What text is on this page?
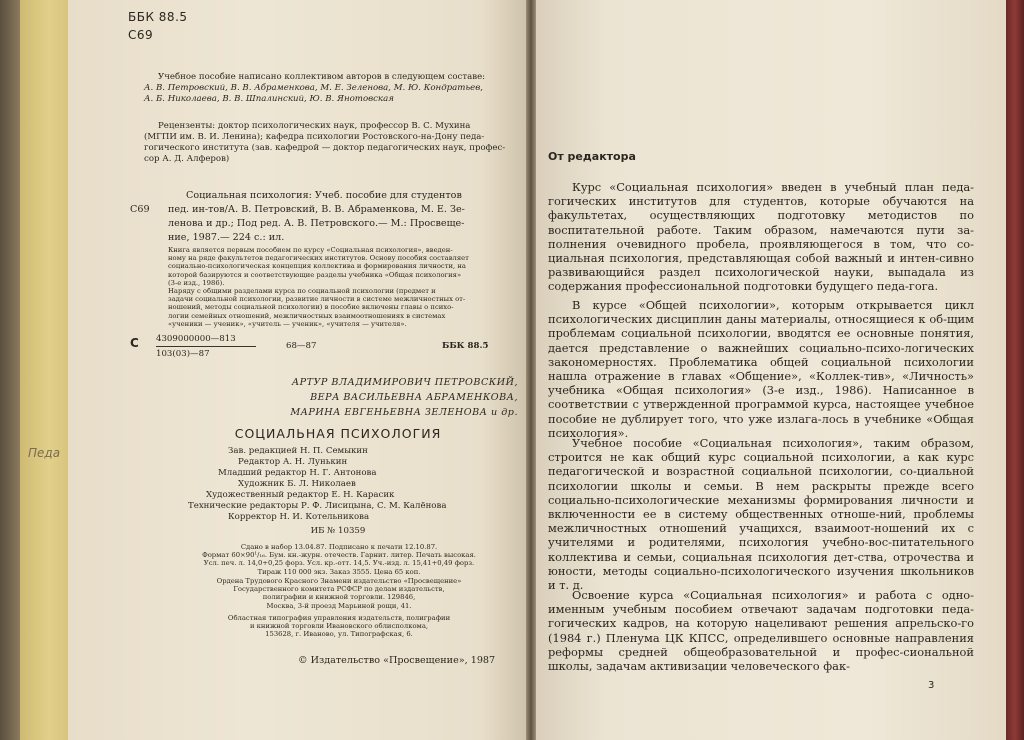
Педа

ББК 88.5

С69

Учебное пособие написано коллективом авторов в следующем составе:

А. В. Петровский, В. В. Абраменкова, М. Е. Зеленова, М. Ю. Кондратьев,

А. Б. Николаева, В. В. Шпалинский, Ю. В. Янотовская

Рецензенты: доктор психологических наук, профессор В. С. Мухина

(МГПИ им. В. И. Ленина); кафедра психологии Ростовского-на-Дону педа-

гогического института (зав. кафедрой — доктор педагогических наук, профес-

сор А. Д. Алферов)

С69

Социальная психология: Учеб. пособие для студентов

пед. ин-тов/А. В. Петровский, В. В. Абраменкова, М. Е. Зе-

ленова и др.; Под ред. А. В. Петровского.— М.: Просвеще-

ние, 1987.— 224 с.: ил.

Книга является первым пособием по курсу «Социальная психология», введен-

ному на ряде факультетов педагогических институтов. Основу пособия составляет

социально-психологическая концепция коллектива и формирования личности, на

которой базируются и соответствующие разделы учебника «Общая психология»

(3-е изд., 1986).

Наряду с общими разделами курса по социальной психологии (предмет и

задачи социальной психологии, развитие личности в системе межличностных от-

ношений, методы социальной психологии) в пособие включены главы о психо-

логии семейных отношений, межличностных взаимоотношениях в системах

«ученики — ученик», «учитель — ученик», «учителя — учителя».

С 4309000000—813

103(03)—87

68—87	ББК 88.5

АРТУР ВЛАДИМИРОВИЧ ПЕТРОВСКИЙ,

ВЕРА ВАСИЛЬЕВНА АБРАМЕНКОВА,

МАРИНА ЕВГЕНЬЕВНА ЗЕЛЕНОВА и др.

СОЦИАЛЬНАЯ ПСИХОЛОГИЯ

Зав. редакцией Н. П. Семыкин

Редактор А. Н. Лунькин

Младший редактор Н. Г. Антонова

Художник Б. Л. Николаев

Художественный редактор Е. Н. Карасик

Технические редакторы Р. Ф. Лисицына, С. М. Калёнова

Корректор Н. И. Котельникова

ИБ № 10359

Сдано в набор 13.04.87. Подписано к печати 12.10.87.

Формат 60×90¹/₁₆. Бум. кн.-журн. отечеств. Гарнит. литер. Печать высокая.

Усл. печ. л. 14,0+0,25 форз. Усл. кр.-отт. 14,5. Уч.-изд. л. 15,41+0,49 форз.

Тираж 110 000 экз. Заказ 3555. Цена 65 коп.

Ордена Трудового Красного Знамени издательство «Просвещение»

Государственного комитета РСФСР по делам издательств,

полиграфии и книжной торговли. 129846,

Москва, 3-й проезд Марьиной рощи, 41.

Областная типография управления издательств, полиграфии

и книжной торговли Ивановского облисполкома,

153628, г. Иваново, ул. Типографская, 6.

© Издательство «Просвещение», 1987

От редактора

Курс «Социальная психология» введен в учебный план педа-гогических институтов для студентов, которые обучаются на факультетах, осуществляющих подготовку методистов по воспитательной работе. Таким образом, намечаются пути за-полнения очевидного пробела, проявляющегося в том, что со-циальная психология, представляющая собой важный и интен-сивно развивающийся раздел психологической науки, выпадала из содержания профессиональной подготовки будущего педа-гога.

В курсе «Общей психологии», которым открывается цикл психологических дисциплин даны материалы, относящиеся к об-щим проблемам социальной психологии, вводятся ее основные понятия, дается представление о важнейших социально-психо-логических закономерностях. Проблематика общей социальной психологии нашла отражение в главах «Общение», «Коллек-тив», «Личность» учебника «Общая психология» (3-е изд., 1986). Написанное в соответствии с утвержденной программой курса, настоящее учебное пособие не дублирует того, что уже излага-лось в учебнике «Общая психология».

Учебное пособие «Социальная психология», таким образом, строится не как общий курс социальной психологии, а как курс педагогической и возрастной социальной психологии, со-циальной психологии школы и семьи. В нем раскрыты прежде всего социально-психологические механизмы формирования личности и включенности ее в систему общественных отноше-ний, проблемы межличностных отношений учащихся, взаимоот-ношений их с учителями и родителями, психология учебно-вос-питательного коллектива и семьи, социальная психология дет-ства, отрочества и юности, методы социально-психологического изучения школьников и т. д.

Освоение курса «Социальная психология» и работа с одно-именным учебным пособием отвечают задачам подготовки педа-гогических кадров, на которую нацеливают решения апрельско-го (1984 г.) Пленума ЦК КПСС, определившего основные направления реформы средней общеобразовательной и профес-сиональной школы, задачам активизации человеческого фак-

3
